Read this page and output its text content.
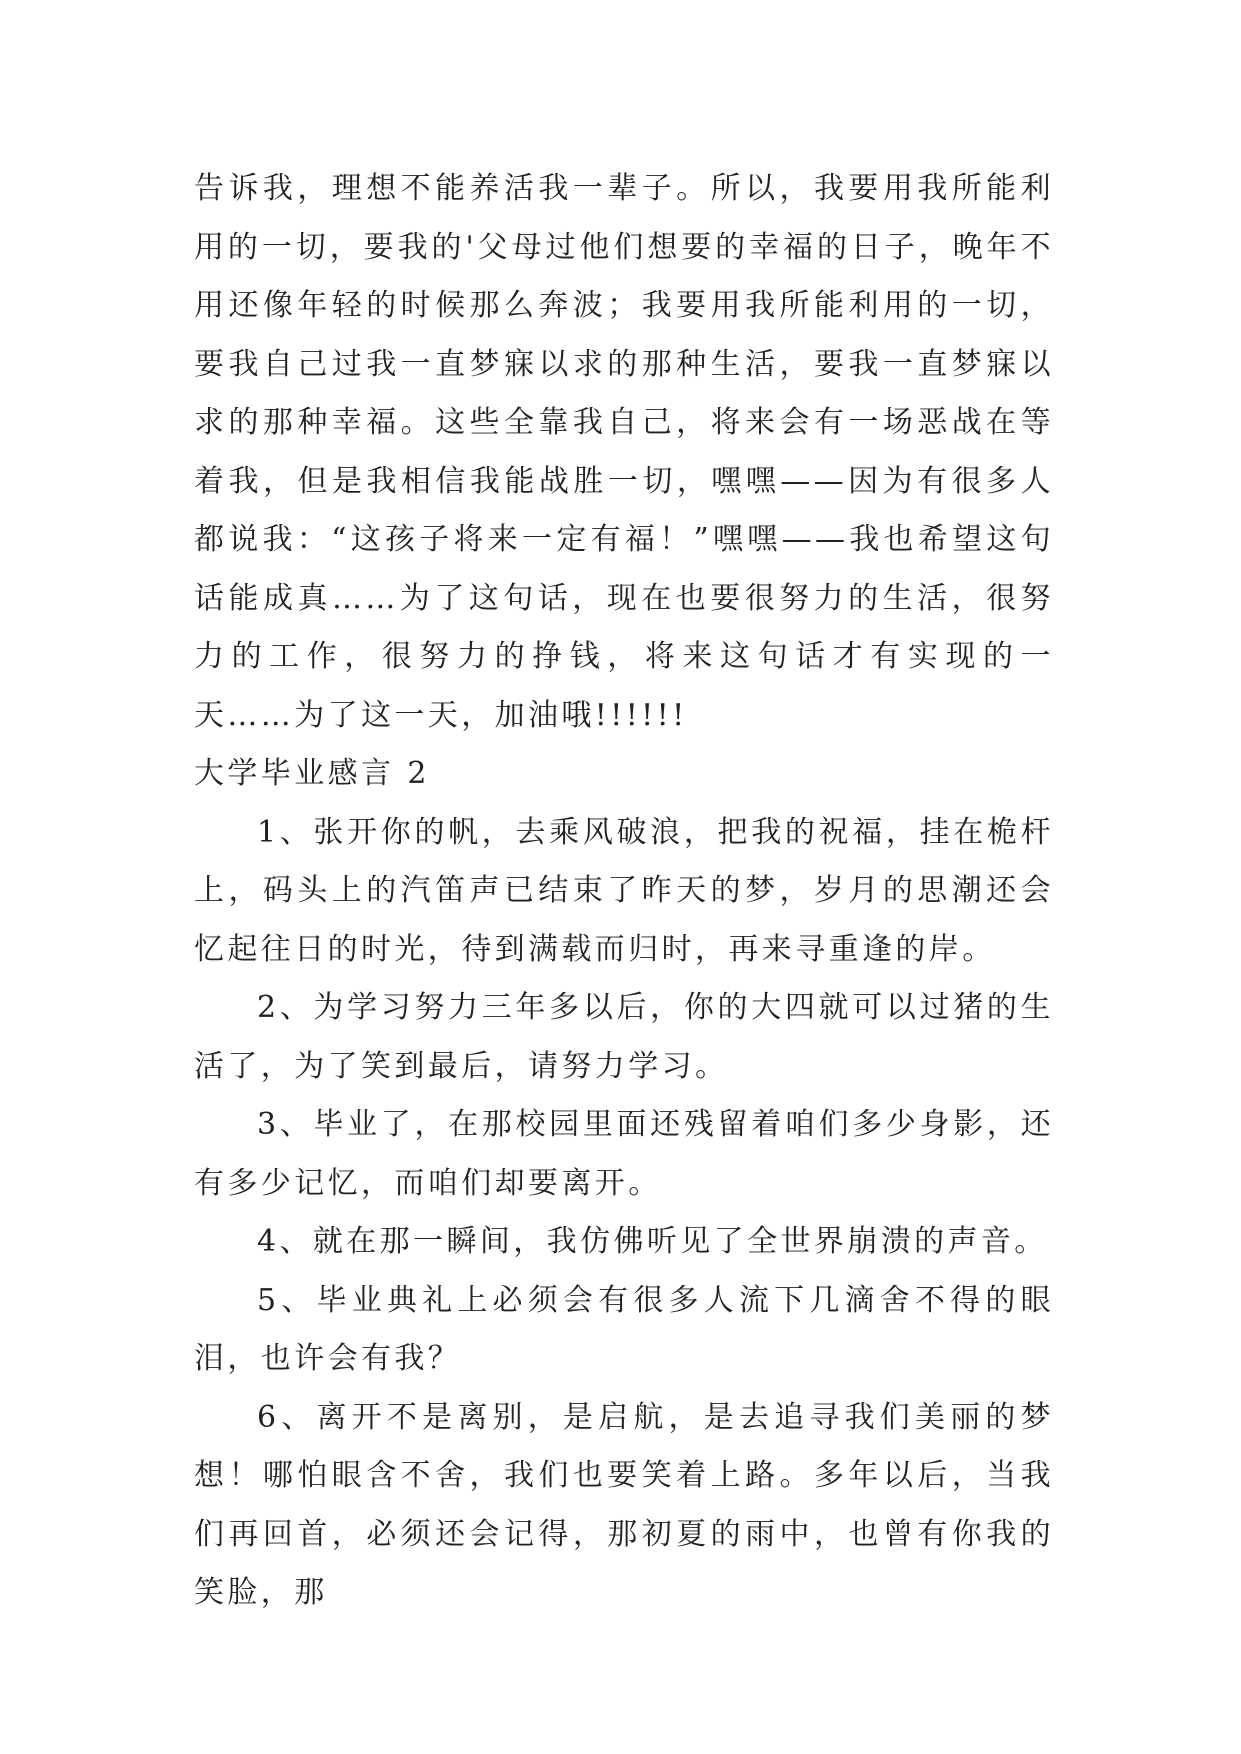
告诉我，理想不能养活我一辈子。所以，我要用我所能利用的一切，要我的'父母过他们想要的幸福的日子，晚年不用还像年轻的时候那么奔波；我要用我所能利用的一切，要我自己过我一直梦寐以求的那种生活，要我一直梦寐以求的那种幸福。这些全靠我自己，将来会有一场恶战在等着我，但是我相信我能战胜一切，嘿嘿——因为有很多人都说我：“这孩子将来一定有福！”嘿嘿——我也希望这句话能成真……为了这句话，现在也要很努力的生活，很努力的工作，很努力的挣钱，将来这句话才有实现的一天……为了这一天，加油哦!!!!!!

大学毕业感言 2

1、张开你的帆，去乘风破浪，把我的祝福，挂在桅杆上，码头上的汽笛声已结束了昨天的梦，岁月的思潮还会忆起往日的时光，待到满载而归时，再来寻重逢的岸。

2、为学习努力三年多以后，你的大四就可以过猪的生活了，为了笑到最后，请努力学习。

3、毕业了，在那校园里面还残留着咱们多少身影，还有多少记忆，而咱们却要离开。

4、就在那一瞬间，我仿佛听见了全世界崩溃的声音。

5、毕业典礼上必须会有很多人流下几滴舍不得的眼泪，也许会有我？

6、离开不是离别，是启航，是去追寻我们美丽的梦想！哪怕眼含不舍，我们也要笑着上路。多年以后，当我们再回首，必须还会记得，那初夏的雨中，也曾有你我的笑脸，那
